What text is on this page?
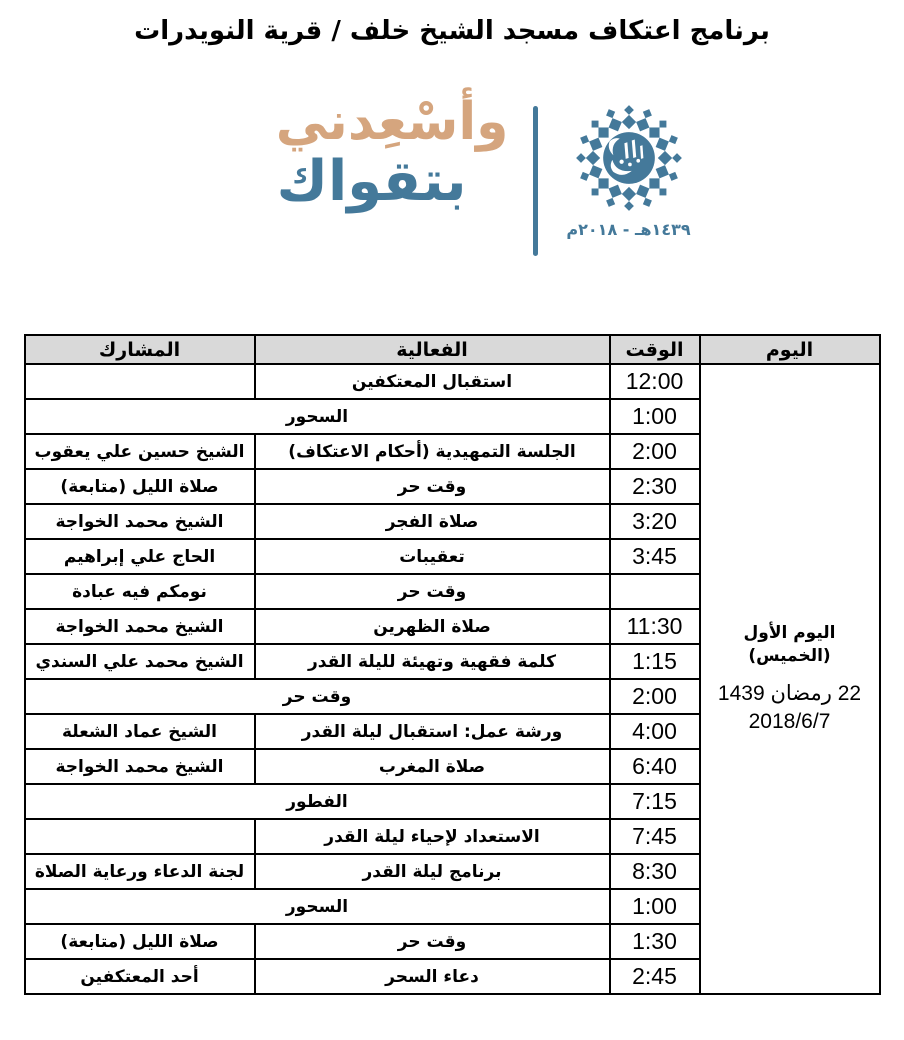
برنامج اعتكاف مسجد الشيخ خلف / قرية النويدرات
١٤٣٩هـ - ٢٠١٨م
وأسْعِدني
بتقواك
اليوم	الوقت	الفعالية	المشارك

اليوم الأول
(الخميس)
22 رمضان 1439
2018/6/7	12:00	استقبال المعتكفين	
	1:00	السحور	
	2:00	الجلسة التمهيدية (أحكام الاعتكاف)	الشيخ حسين علي يعقوب
	2:30	وقت حر	صلاة الليل (متابعة)
	3:20	صلاة الفجر	الشيخ محمد الخواجة
	3:45	تعقيبات	الحاج علي إبراهيم
		وقت حر	نومكم فيه عبادة
	11:30	صلاة الظهرين	الشيخ محمد الخواجة
	1:15	كلمة فقهية وتهيئة لليلة القدر	الشيخ محمد علي السندي
	2:00	وقت حر	
	4:00	ورشة عمل: استقبال ليلة القدر	الشيخ عماد الشعلة
	6:40	صلاة المغرب	الشيخ محمد الخواجة
	7:15	الفطور	
	7:45	الاستعداد لإحياء ليلة القدر	
	8:30	برنامج ليلة القدر	لجنة الدعاء ورعاية الصلاة
	1:00	السحور	
	1:30	وقت حر	صلاة الليل (متابعة)
	2:45	دعاء السحر	أحد المعتكفين
